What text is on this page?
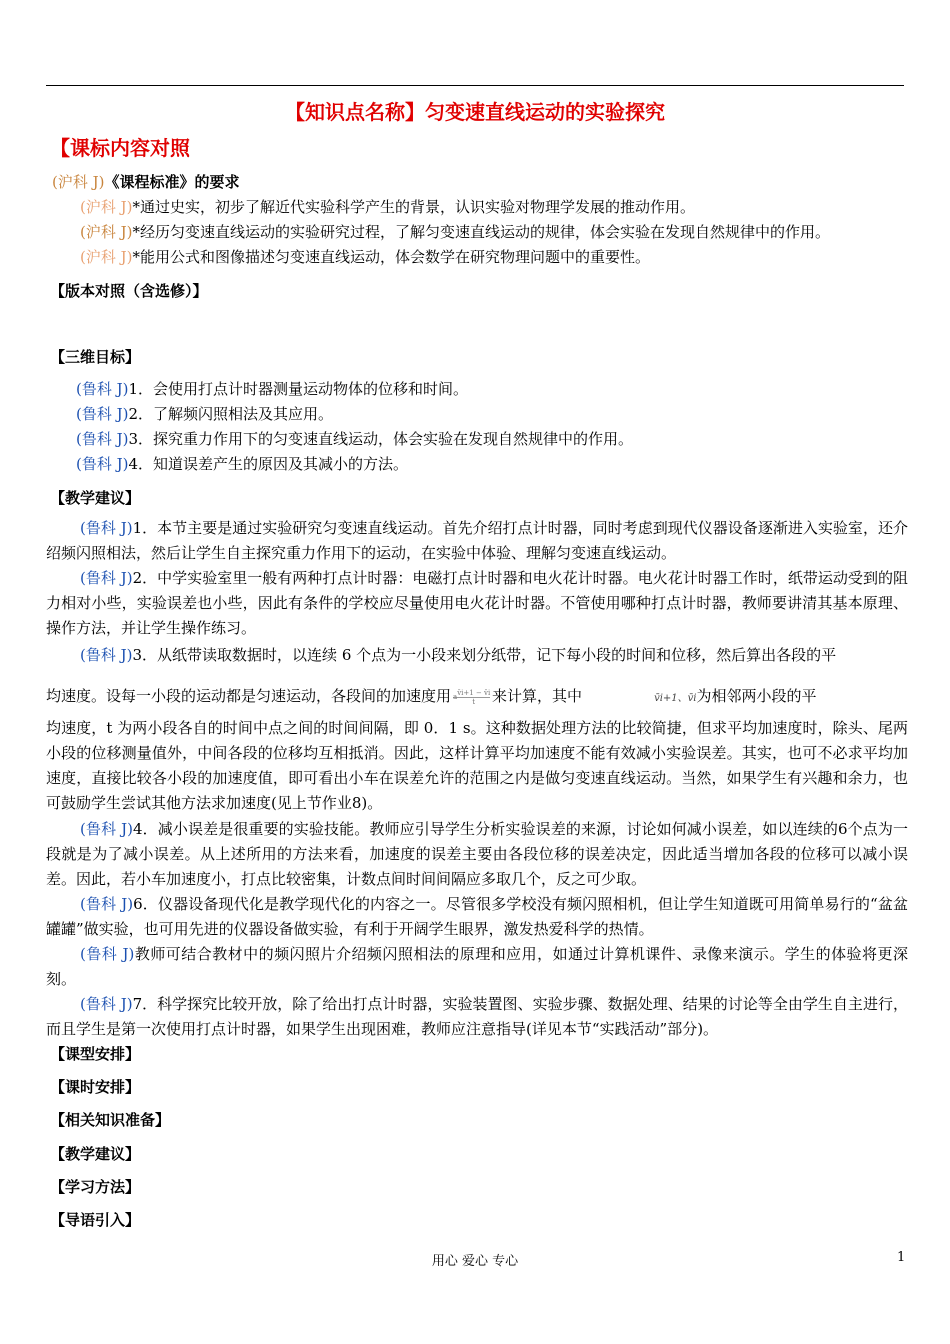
【知识点名称】匀变速直线运动的实验探究
【课标内容对照
(沪科 J)《课程标准》的要求
(沪科 J)*通过史实，初步了解近代实验科学产生的背景，认识实验对物理学发展的推动作用。
(沪科 J)*经历匀变速直线运动的实验研究过程，了解匀变速直线运动的规律，体会实验在发现自然规律中的作用。
(沪科 J)*能用公式和图像描述匀变速直线运动，体会数学在研究物理问题中的重要性。
【版本对照（含选修）】
【三维目标】
(鲁科 J)1．会使用打点计时器测量运动物体的位移和时间。
(鲁科 J)2．了解频闪照相法及其应用。
(鲁科 J)3．探究重力作用下的匀变速直线运动，体会实验在发现自然规律中的作用。
(鲁科 J)4．知道误差产生的原因及其减小的方法。
【教学建议】
(鲁科 J)1．本节主要是通过实验研究匀变速直线运动。首先介绍打点计时器，同时考虑到现代仪器设备逐渐进入实验室，还介绍频闪照相法，然后让学生自主探究重力作用下的运动，在实验中体验、理解匀变速直线运动。
(鲁科 J)2．中学实验室里一般有两种打点计时器：电磁打点计时器和电火花计时器。电火花计时器工作时，纸带运动受到的阻力相对小些，实验误差也小些，因此有条件的学校应尽量使用电火花计时器。不管使用哪种打点计时器，教师要讲清其基本原理、操作方法，并让学生操作练习。
(鲁科 J)3．从纸带读取数据时，以连续 6 个点为一小段来划分纸带，记下每小段的时间和位移，然后算出各段的平
均速度。设每一小段的运动都是匀速运动，各段间的加速度用 a v̄i+1 − v̄i
t 来计算，其中	v̄i+1、v̄i为相邻两小段的平
均速度，t 为两小段各自的时间中点之间的时间间隔，即 0．1 s。这种数据处理方法的比较简捷，但求平均加速度时，除头、尾两小段的位移测量值外，中间各段的位移均互相抵消。因此，这样计算平均加速度不能有效减小实验误差。其实，也可不必求平均加速度，直接比较各小段的加速度值，即可看出小车在误差允许的范围之内是做匀变速直线运动。当然，如果学生有兴趣和余力，也可鼓励学生尝试其他方法求加速度(见上节作业8)。
(鲁科 J)4．减小误差是很重要的实验技能。教师应引导学生分析实验误差的来源，讨论如何减小误差，如以连续的6个点为一段就是为了减小误差。从上述所用的方法来看，加速度的误差主要由各段位移的误差决定，因此适当增加各段的位移可以减小误差。因此，若小车加速度小，打点比较密集，计数点间时间间隔应多取几个，反之可少取。
(鲁科 J)6．仪器设备现代化是教学现代化的内容之一。尽管很多学校没有频闪照相机，但让学生知道既可用简单易行的“盆盆罐罐”做实验，也可用先进的仪器设备做实验，有利于开阔学生眼界，激发热爱科学的热情。
(鲁科 J)教师可结合教材中的频闪照片介绍频闪照相法的原理和应用，如通过计算机课件、录像来演示。学生的体验将更深刻。
(鲁科 J)7．科学探究比较开放，除了给出打点计时器，实验装置图、实验步骤、数据处理、结果的讨论等全由学生自主进行，而且学生是第一次使用打点计时器，如果学生出现困难，教师应注意指导(详见本节“实践活动”部分)。
【课型安排】
【课时安排】
【相关知识准备】
【教学建议】
【学习方法】
【导语引入】
用心 爱心 专心	1
